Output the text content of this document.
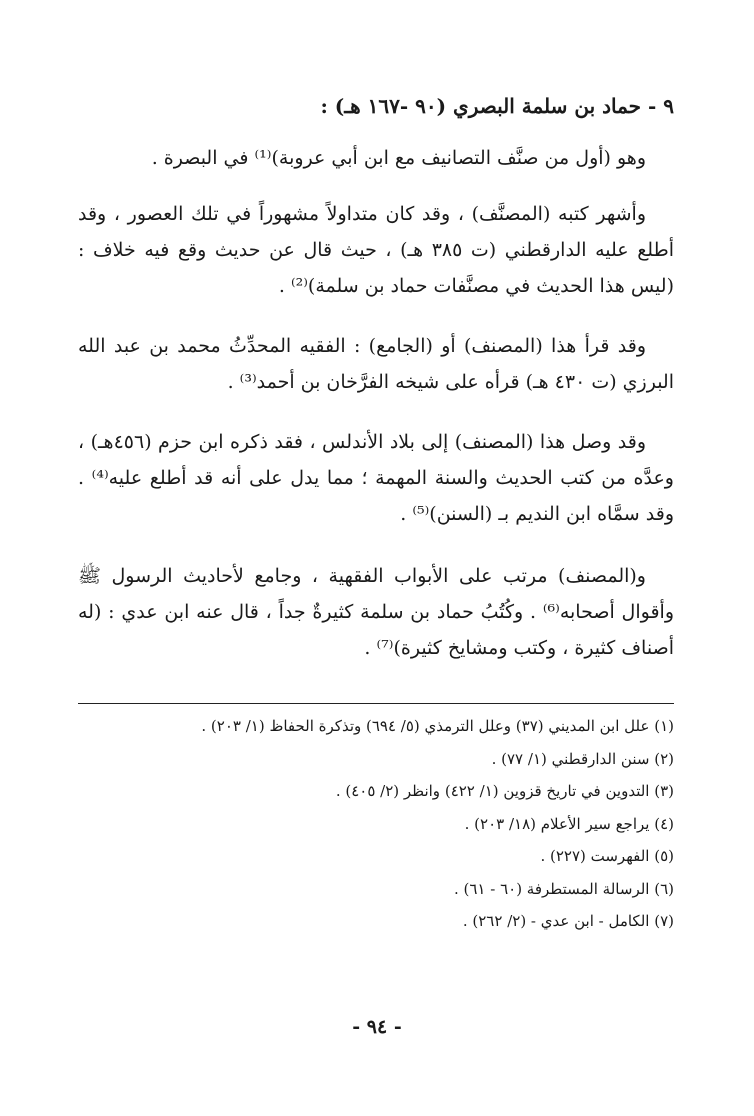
٩ - حماد بن سلمة البصري (٩٠ -١٦٧ هـ) :
وهو (أول من صنَّف التصانيف مع ابن أبي عروبة)⁽¹⁾ في البصرة .
وأشهر كتبه (المصنَّف) ، وقد كان متداولاً مشهوراً في تلك العصور ، وقد أطلع عليه الدارقطني (ت ٣٨٥ هـ) ، حيث قال عن حديث وقع فيه خلاف : (ليس هذا الحديث في مصنَّفات حماد بن سلمة)⁽²⁾ .
وقد قرأ هذا (المصنف) أو (الجامع) : الفقيه المحدِّثُ محمد بن عبد الله البرزي (ت ٤٣٠ هـ) قرأه على شيخه الفرَّخان بن أحمد⁽³⁾ .
وقد وصل هذا (المصنف) إلى بلاد الأندلس ، فقد ذكره ابن حزم (٤٥٦هـ) ، وعدَّه من كتب الحديث والسنة المهمة ؛ مما يدل على أنه قد أطلع عليه⁽⁴⁾ . وقد سمَّاه ابن النديم بـ (السنن)⁽⁵⁾ .
و(المصنف) مرتب على الأبواب الفقهية ، وجامع لأحاديث الرسول ﷺ وأقوال أصحابه⁽⁶⁾ . وكُتُبُ حماد بن سلمة كثيرةٌ جداً ، قال عنه ابن عدي : (له أصناف كثيرة ، وكتب ومشايخ كثيرة)⁽⁷⁾ .
(١) علل ابن المديني (٣٧) وعلل الترمذي (٥/ ٦٩٤) وتذكرة الحفاظ (١/ ٢٠٣) .
(٢) سنن الدارقطني (١/ ٧٧) .
(٣) التدوين في تاريخ قزوين (١/ ٤٢٢) وانظر (٢/ ٤٠٥) .
(٤) يراجع سير الأعلام (١٨/ ٢٠٣) .
(٥) الفهرست (٢٢٧) .
(٦) الرسالة المستطرفة (٦٠ - ٦١) .
(٧) الكامل - ابن عدي - (٢/ ٢٦٢) .
- ٩٤ -
